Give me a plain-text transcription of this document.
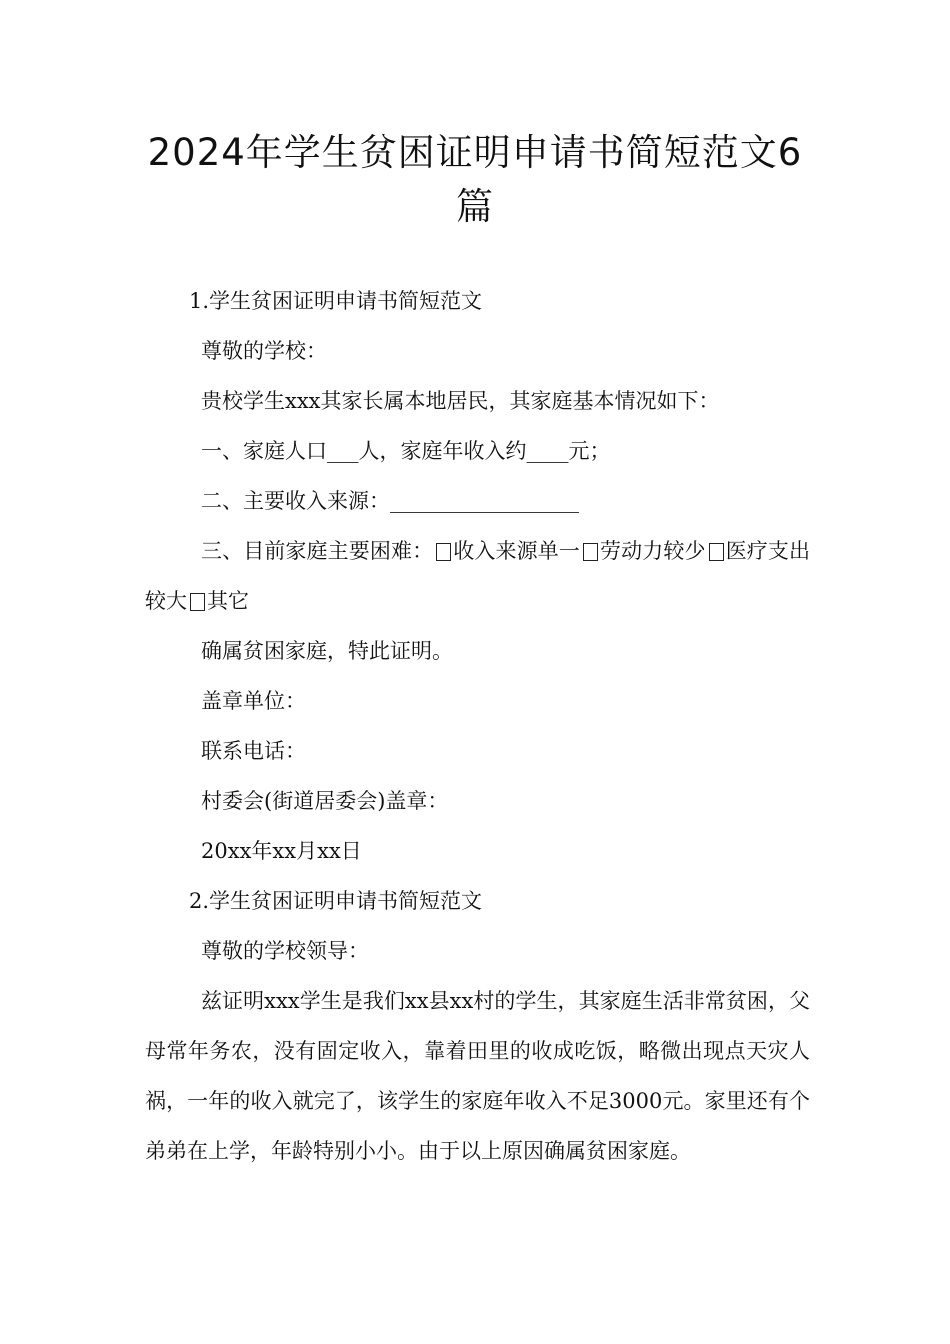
2024年学生贫困证明申请书简短范文6篇

1.学生贫困证明申请书简短范文

尊敬的学校：

贵校学生xxx其家长属本地居民，其家庭基本情况如下：

一、家庭人口___人，家庭年收入约____元；

二、主要收入来源：__________________

三、目前家庭主要困难： 收入来源单一 劳动力较少 医疗支出较大 其它

确属贫困家庭，特此证明。

盖章单位：

联系电话：

村委会(街道居委会)盖章：

20xx年xx月xx日

2.学生贫困证明申请书简短范文

尊敬的学校领导：

兹证明xxx学生是我们xx县xx村的学生，其家庭生活非常贫困，父母常年务农，没有固定收入，靠着田里的收成吃饭，略微出现点天灾人祸，一年的收入就完了，该学生的家庭年收入不足3000元。家里还有个弟弟在上学，年龄特别小小。由于以上原因确属贫困家庭。
